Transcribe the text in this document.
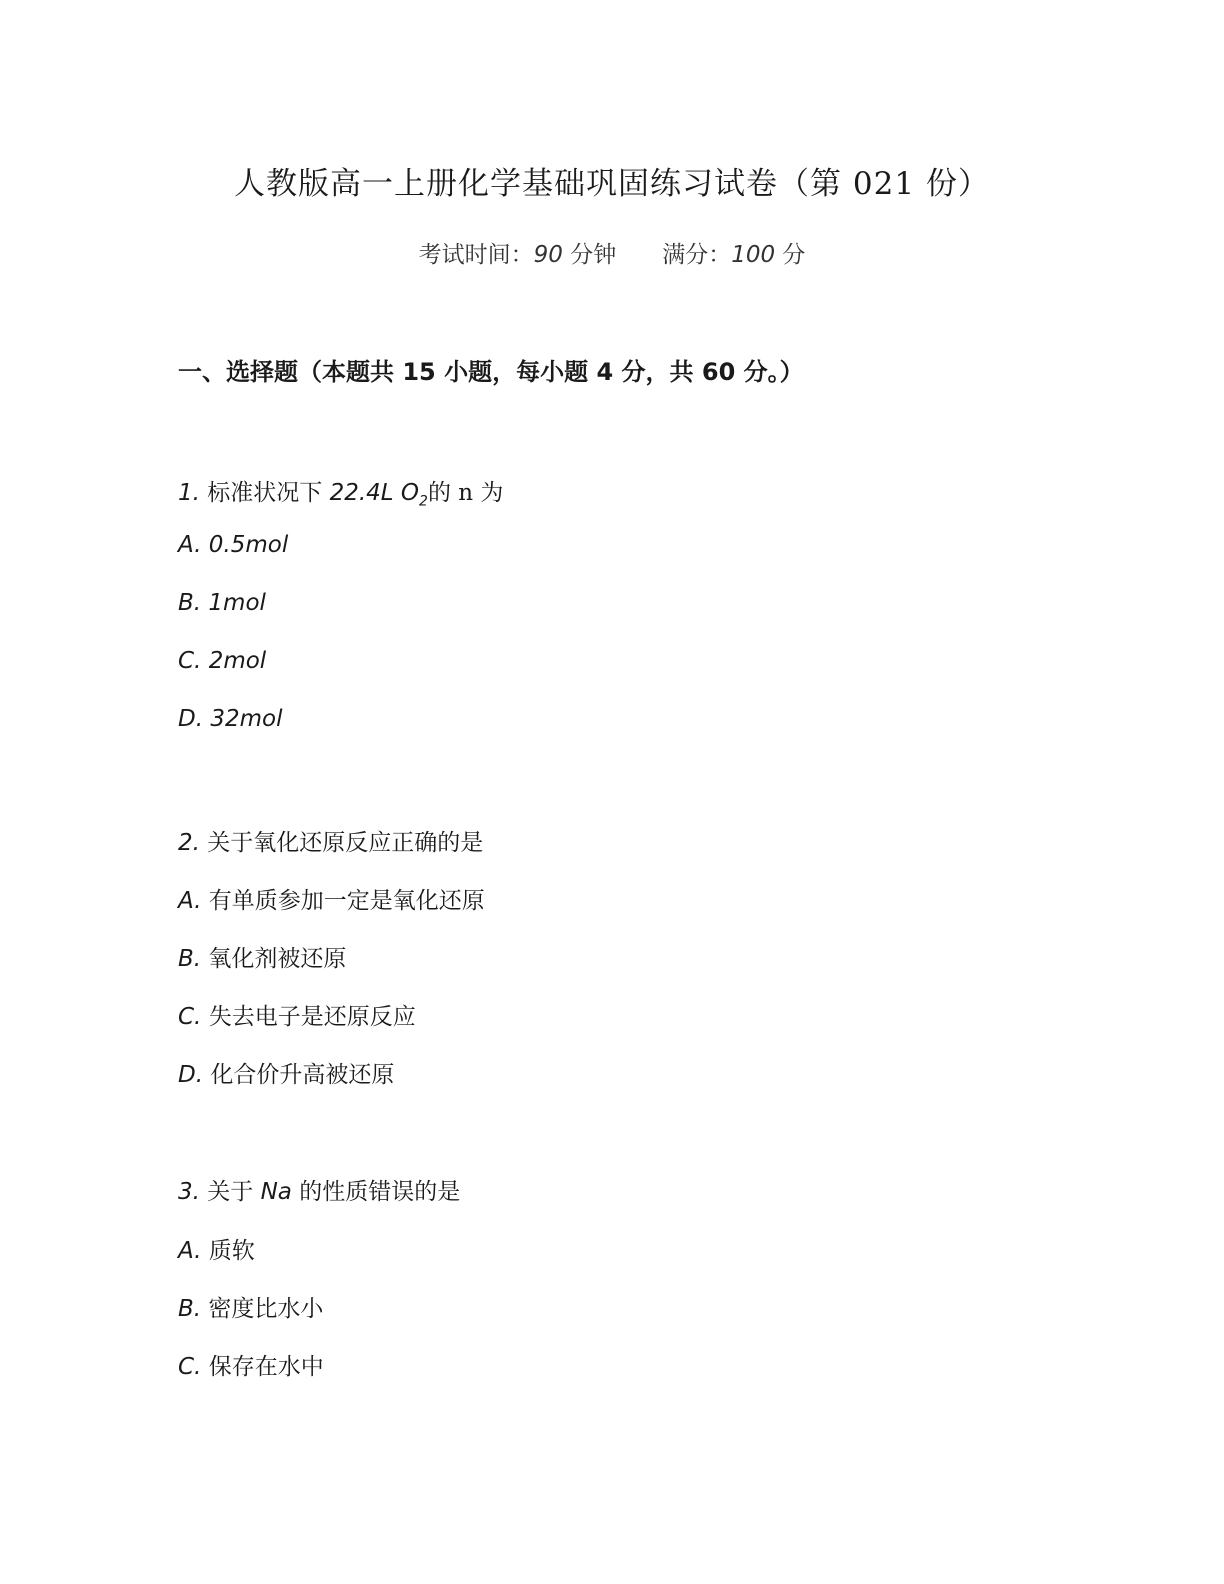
人教版高一上册化学基础巩固练习试卷（第 021 份）
考试时间：90 分钟 满分：100 分
一、选择题（本题共 15 小题，每小题 4 分，共 60 分。）
1. 标准状况下 22.4L $O_2$的 n 为
A. 0.5mol
B. 1mol
C. 2mol
D. 32mol
2. 关于氧化还原反应正确的是
A. 有单质参加一定是氧化还原
B. 氧化剂被还原
C. 失去电子是还原反应
D. 化合价升高被还原
3. 关于 Na 的性质错误的是
A. 质软
B. 密度比水小
C. 保存在水中
